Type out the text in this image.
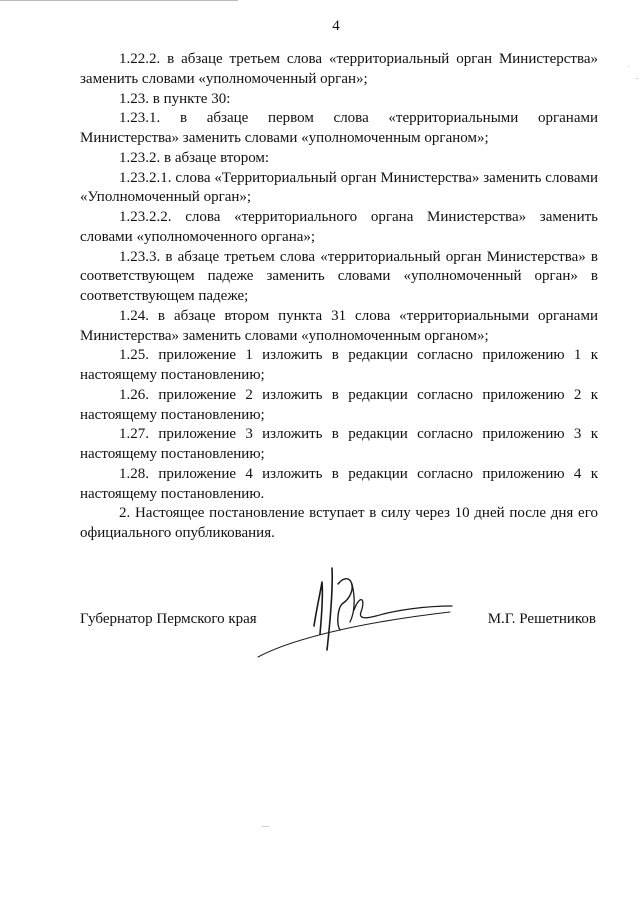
4

1.22.2. в абзаце третьем слова «территориальный орган Министерства» заменить словами «уполномоченный орган»;

1.23. в пункте 30:

1.23.1. в абзаце первом слова «территориальными органами Министерства» заменить словами «уполномоченным органом»;

1.23.2. в абзаце втором:

1.23.2.1. слова «Территориальный орган Министерства» заменить словами «Уполномоченный орган»;

1.23.2.2. слова «территориального органа Министерства» заменить словами «уполномоченного органа»;

1.23.3. в абзаце третьем слова «территориальный орган Министерства» в соответствующем падеже заменить словами «уполномоченный орган» в соответствующем падеже;

1.24. в абзаце втором пункта 31 слова «территориальными органами Министерства» заменить словами «уполномоченным органом»;

1.25. приложение 1 изложить в редакции согласно приложению 1 к настоящему постановлению;

1.26. приложение 2 изложить в редакции согласно приложению 2 к настоящему постановлению;

1.27. приложение 3 изложить в редакции согласно приложению 3 к настоящему постановлению;

1.28. приложение 4 изложить в редакции согласно приложению 4 к настоящему постановлению.

2. Настоящее постановление вступает в силу через 10 дней после дня его официального опубликования.

Губернатор Пермского края	М.Г. Решетников
